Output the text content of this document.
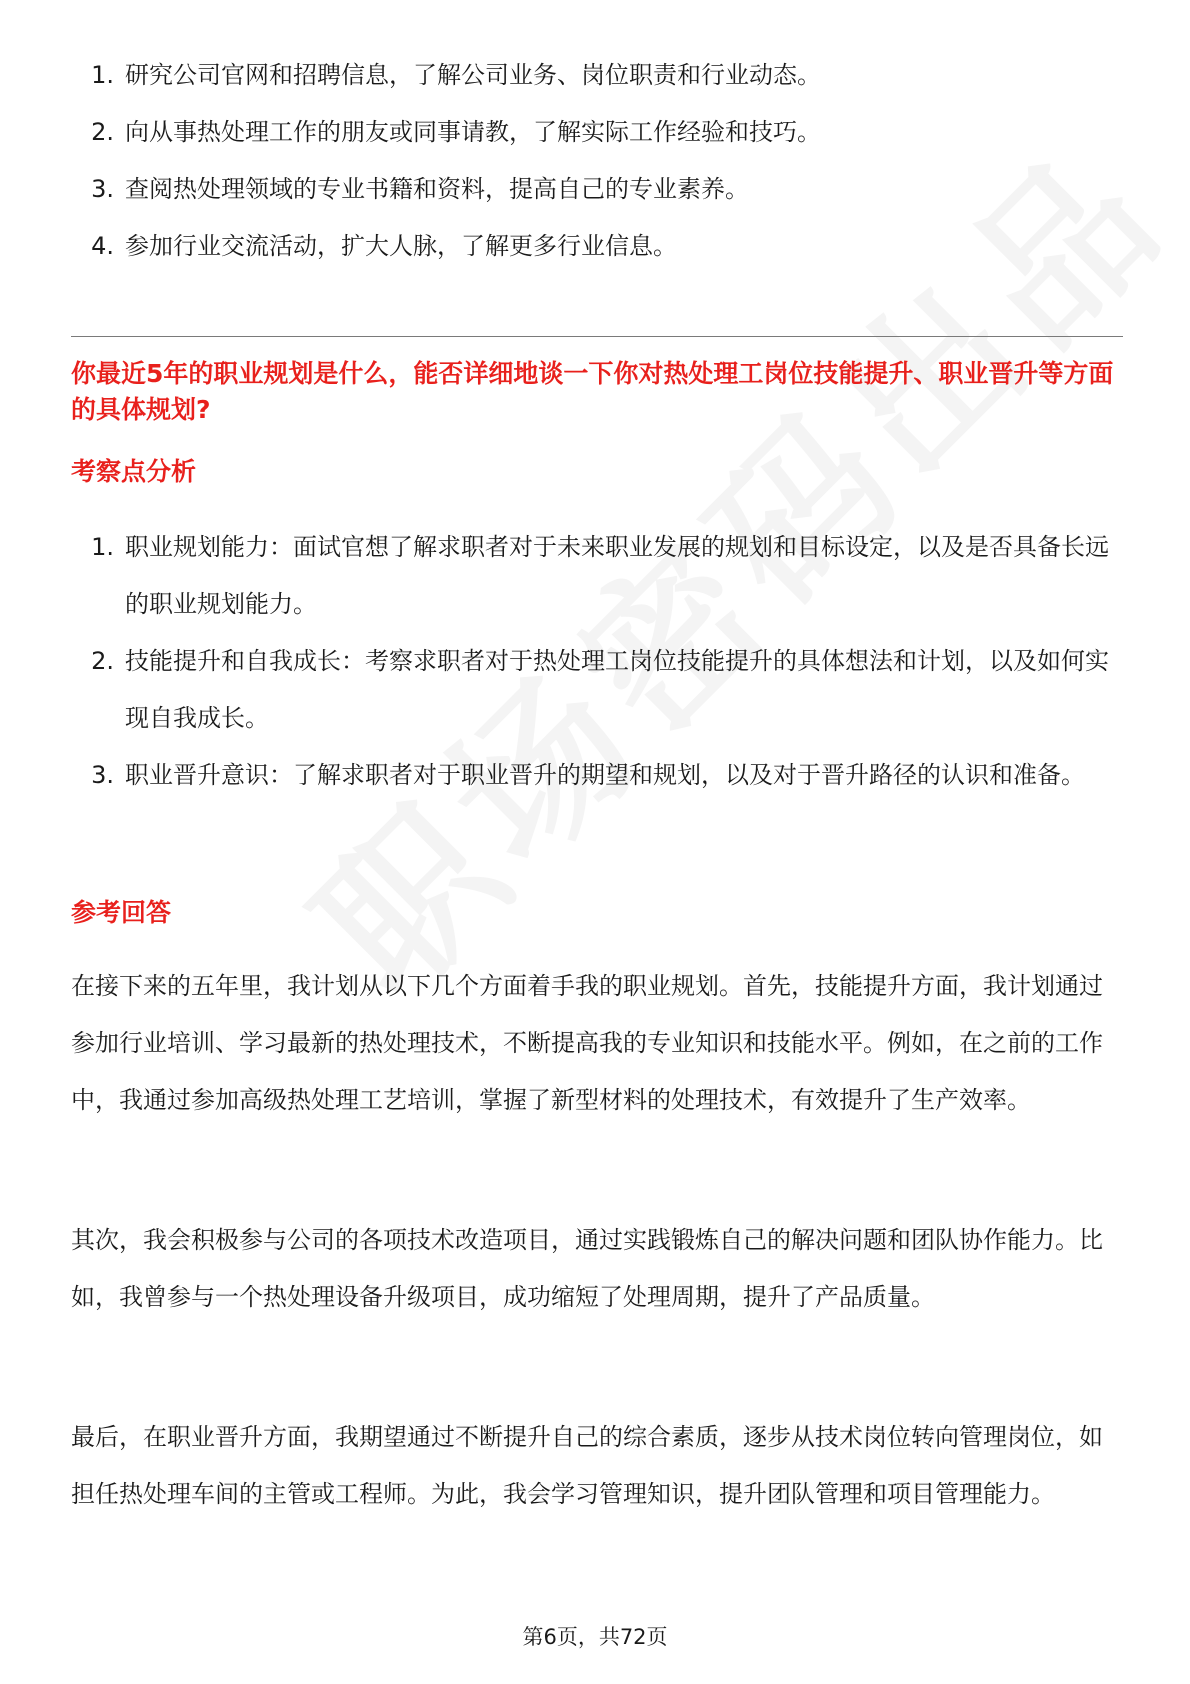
1. 研究公司官网和招聘信息，了解公司业务、岗位职责和行业动态。
2. 向从事热处理工作的朋友或同事请教，了解实际工作经验和技巧。
3. 查阅热处理领域的专业书籍和资料，提高自己的专业素养。
4. 参加行业交流活动，扩大人脉，了解更多行业信息。

你最近5年的职业规划是什么，能否详细地谈一下你对热处理工岗位技能提升、职业晋升等方面的具体规划?

考察点分析

1. 职业规划能力：面试官想了解求职者对于未来职业发展的规划和目标设定，以及是否具备长远的职业规划能力。
2. 技能提升和自我成长：考察求职者对于热处理工岗位技能提升的具体想法和计划，以及如何实现自我成长。
3. 职业晋升意识：了解求职者对于职业晋升的期望和规划，以及对于晋升路径的认识和准备。

参考回答

在接下来的五年里，我计划从以下几个方面着手我的职业规划。首先，技能提升方面，我计划通过参加行业培训、学习最新的热处理技术，不断提高我的专业知识和技能水平。例如，在之前的工作中，我通过参加高级热处理工艺培训，掌握了新型材料的处理技术，有效提升了生产效率。

其次，我会积极参与公司的各项技术改造项目，通过实践锻炼自己的解决问题和团队协作能力。比如，我曾参与一个热处理设备升级项目，成功缩短了处理周期，提升了产品质量。

最后，在职业晋升方面，我期望通过不断提升自己的综合素质，逐步从技术岗位转向管理岗位，如担任热处理车间的主管或工程师。为此，我会学习管理知识，提升团队管理和项目管理能力。

第6页，共72页
